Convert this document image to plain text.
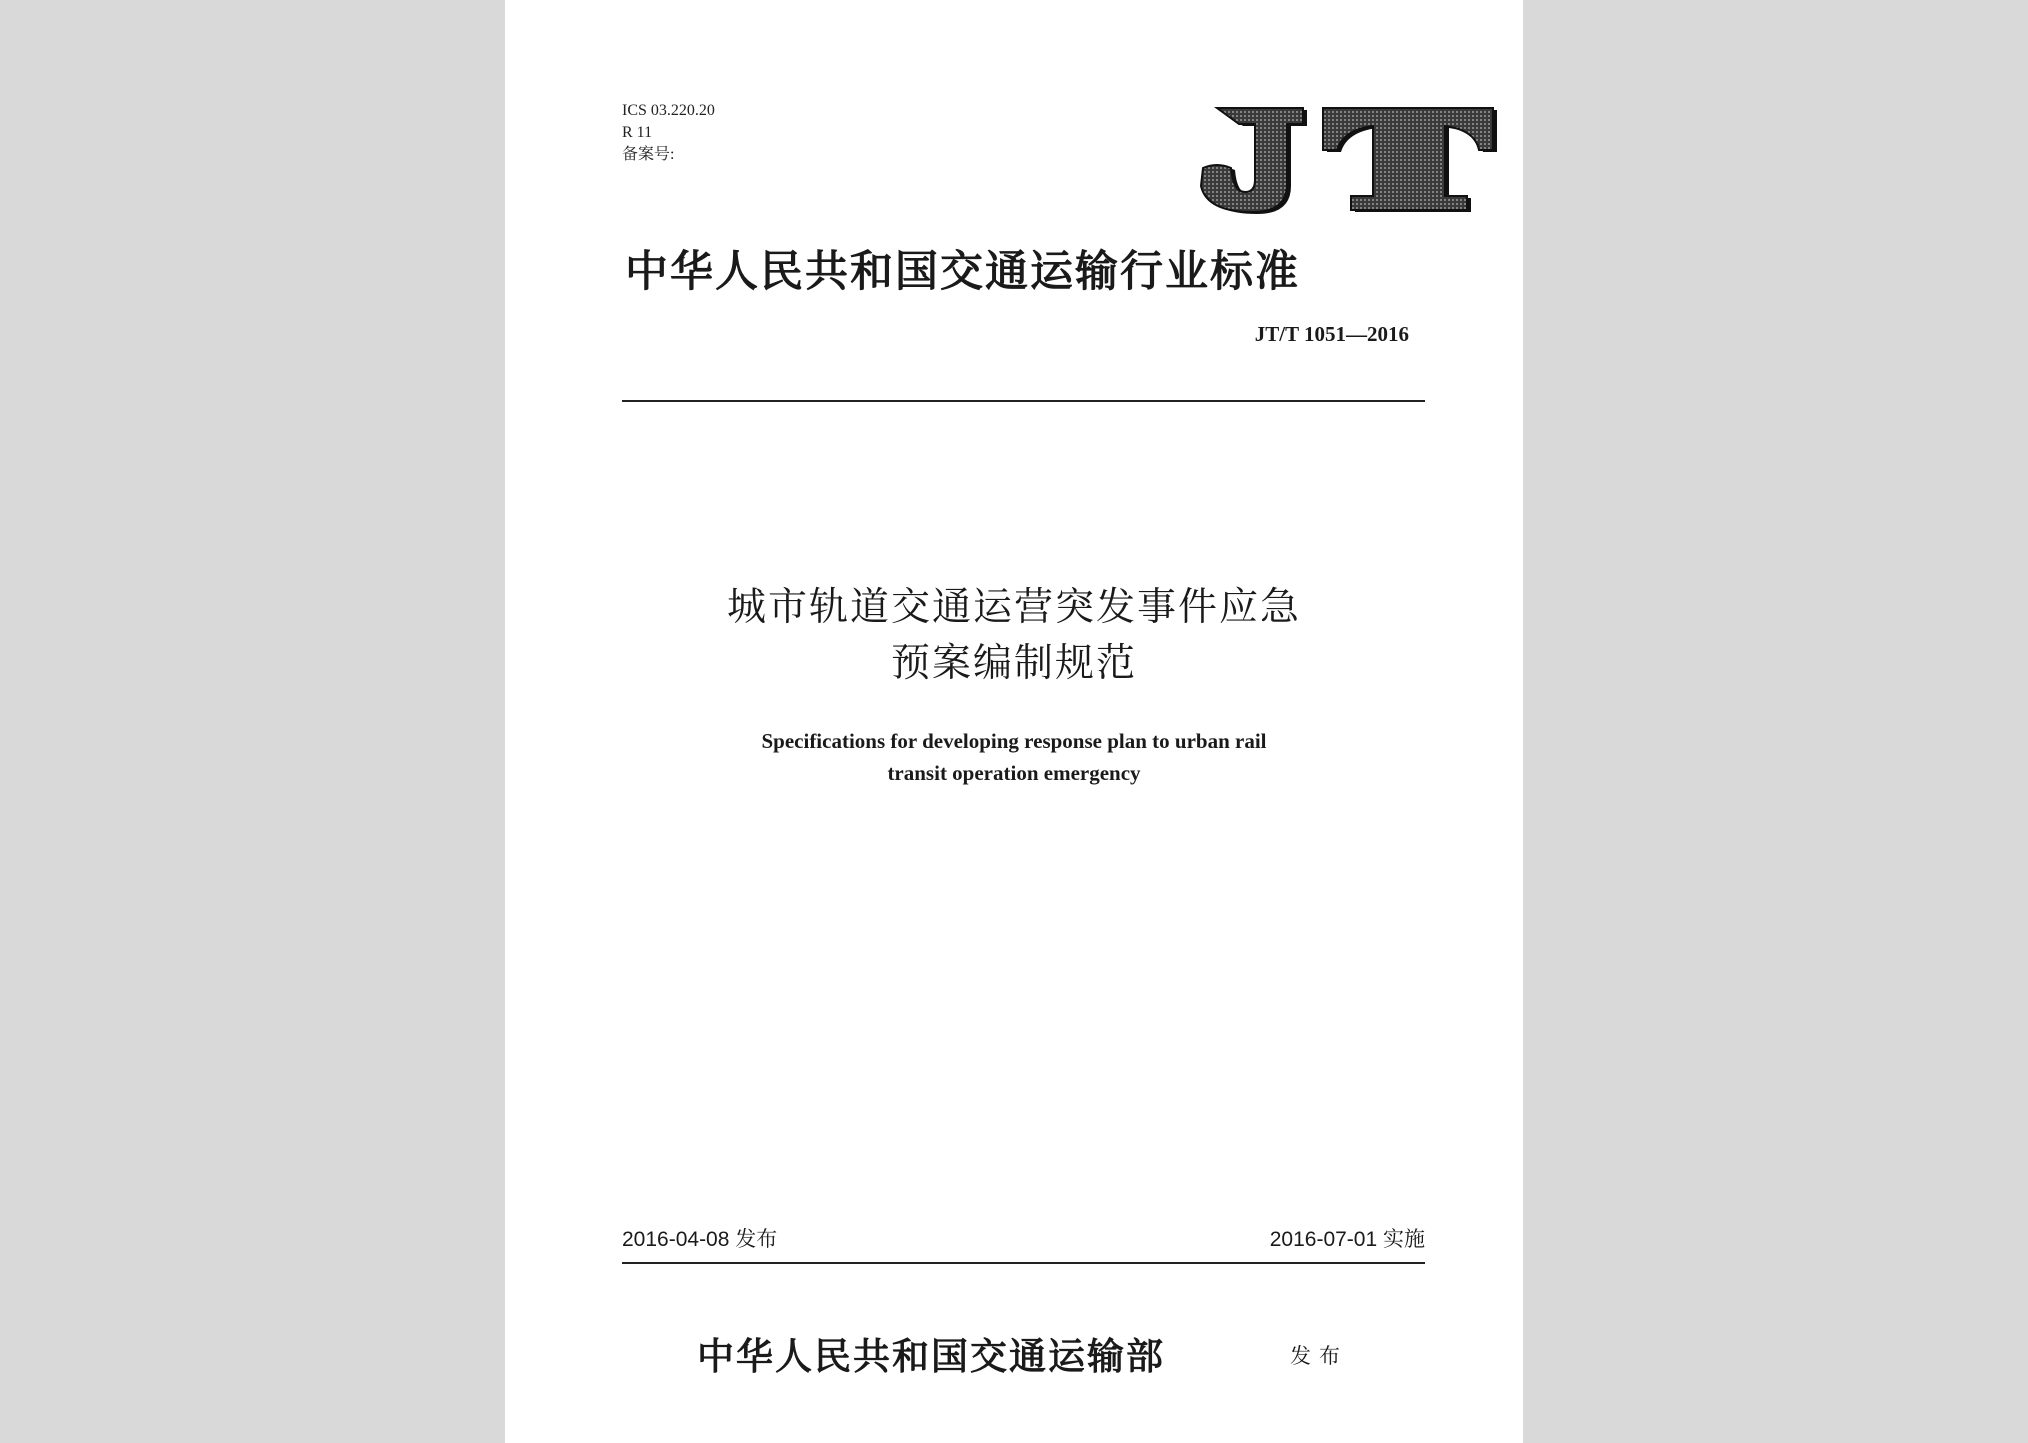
ICS 03.220.20
R 11
备案号:
中华人民共和国交通运输行业标准
JT/T 1051—2016
城市轨道交通运营突发事件应急
预案编制规范
Specifications for developing response plan to urban rail
transit operation emergency
2016-04-08 发布	2016-07-01 实施
中华人民共和国交通运输部	发布
